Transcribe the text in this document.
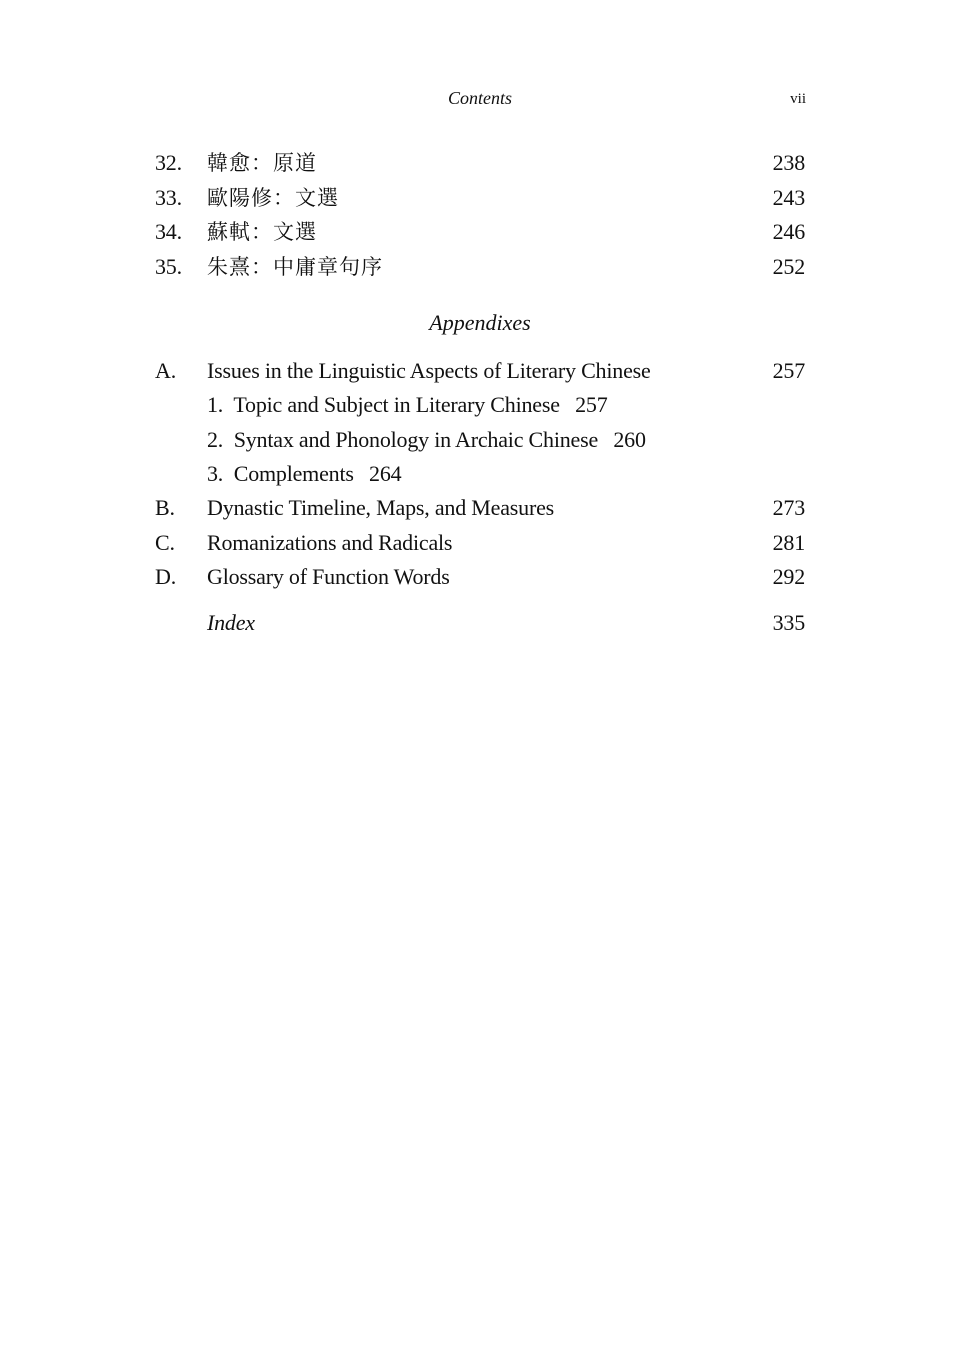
Contents	vii
32. 韓愈：原道	238
33. 歐陽修：文選	243
34. 蘇軾：文選	246
35. 朱熹：中庸章句序	252
Appendixes
A. Issues in the Linguistic Aspects of Literary Chinese	257
1. Topic and Subject in Literary Chinese 257
2. Syntax and Phonology in Archaic Chinese 260
3. Complements 264
B. Dynastic Timeline, Maps, and Measures	273
C. Romanizations and Radicals	281
D. Glossary of Function Words	292
Index	335
